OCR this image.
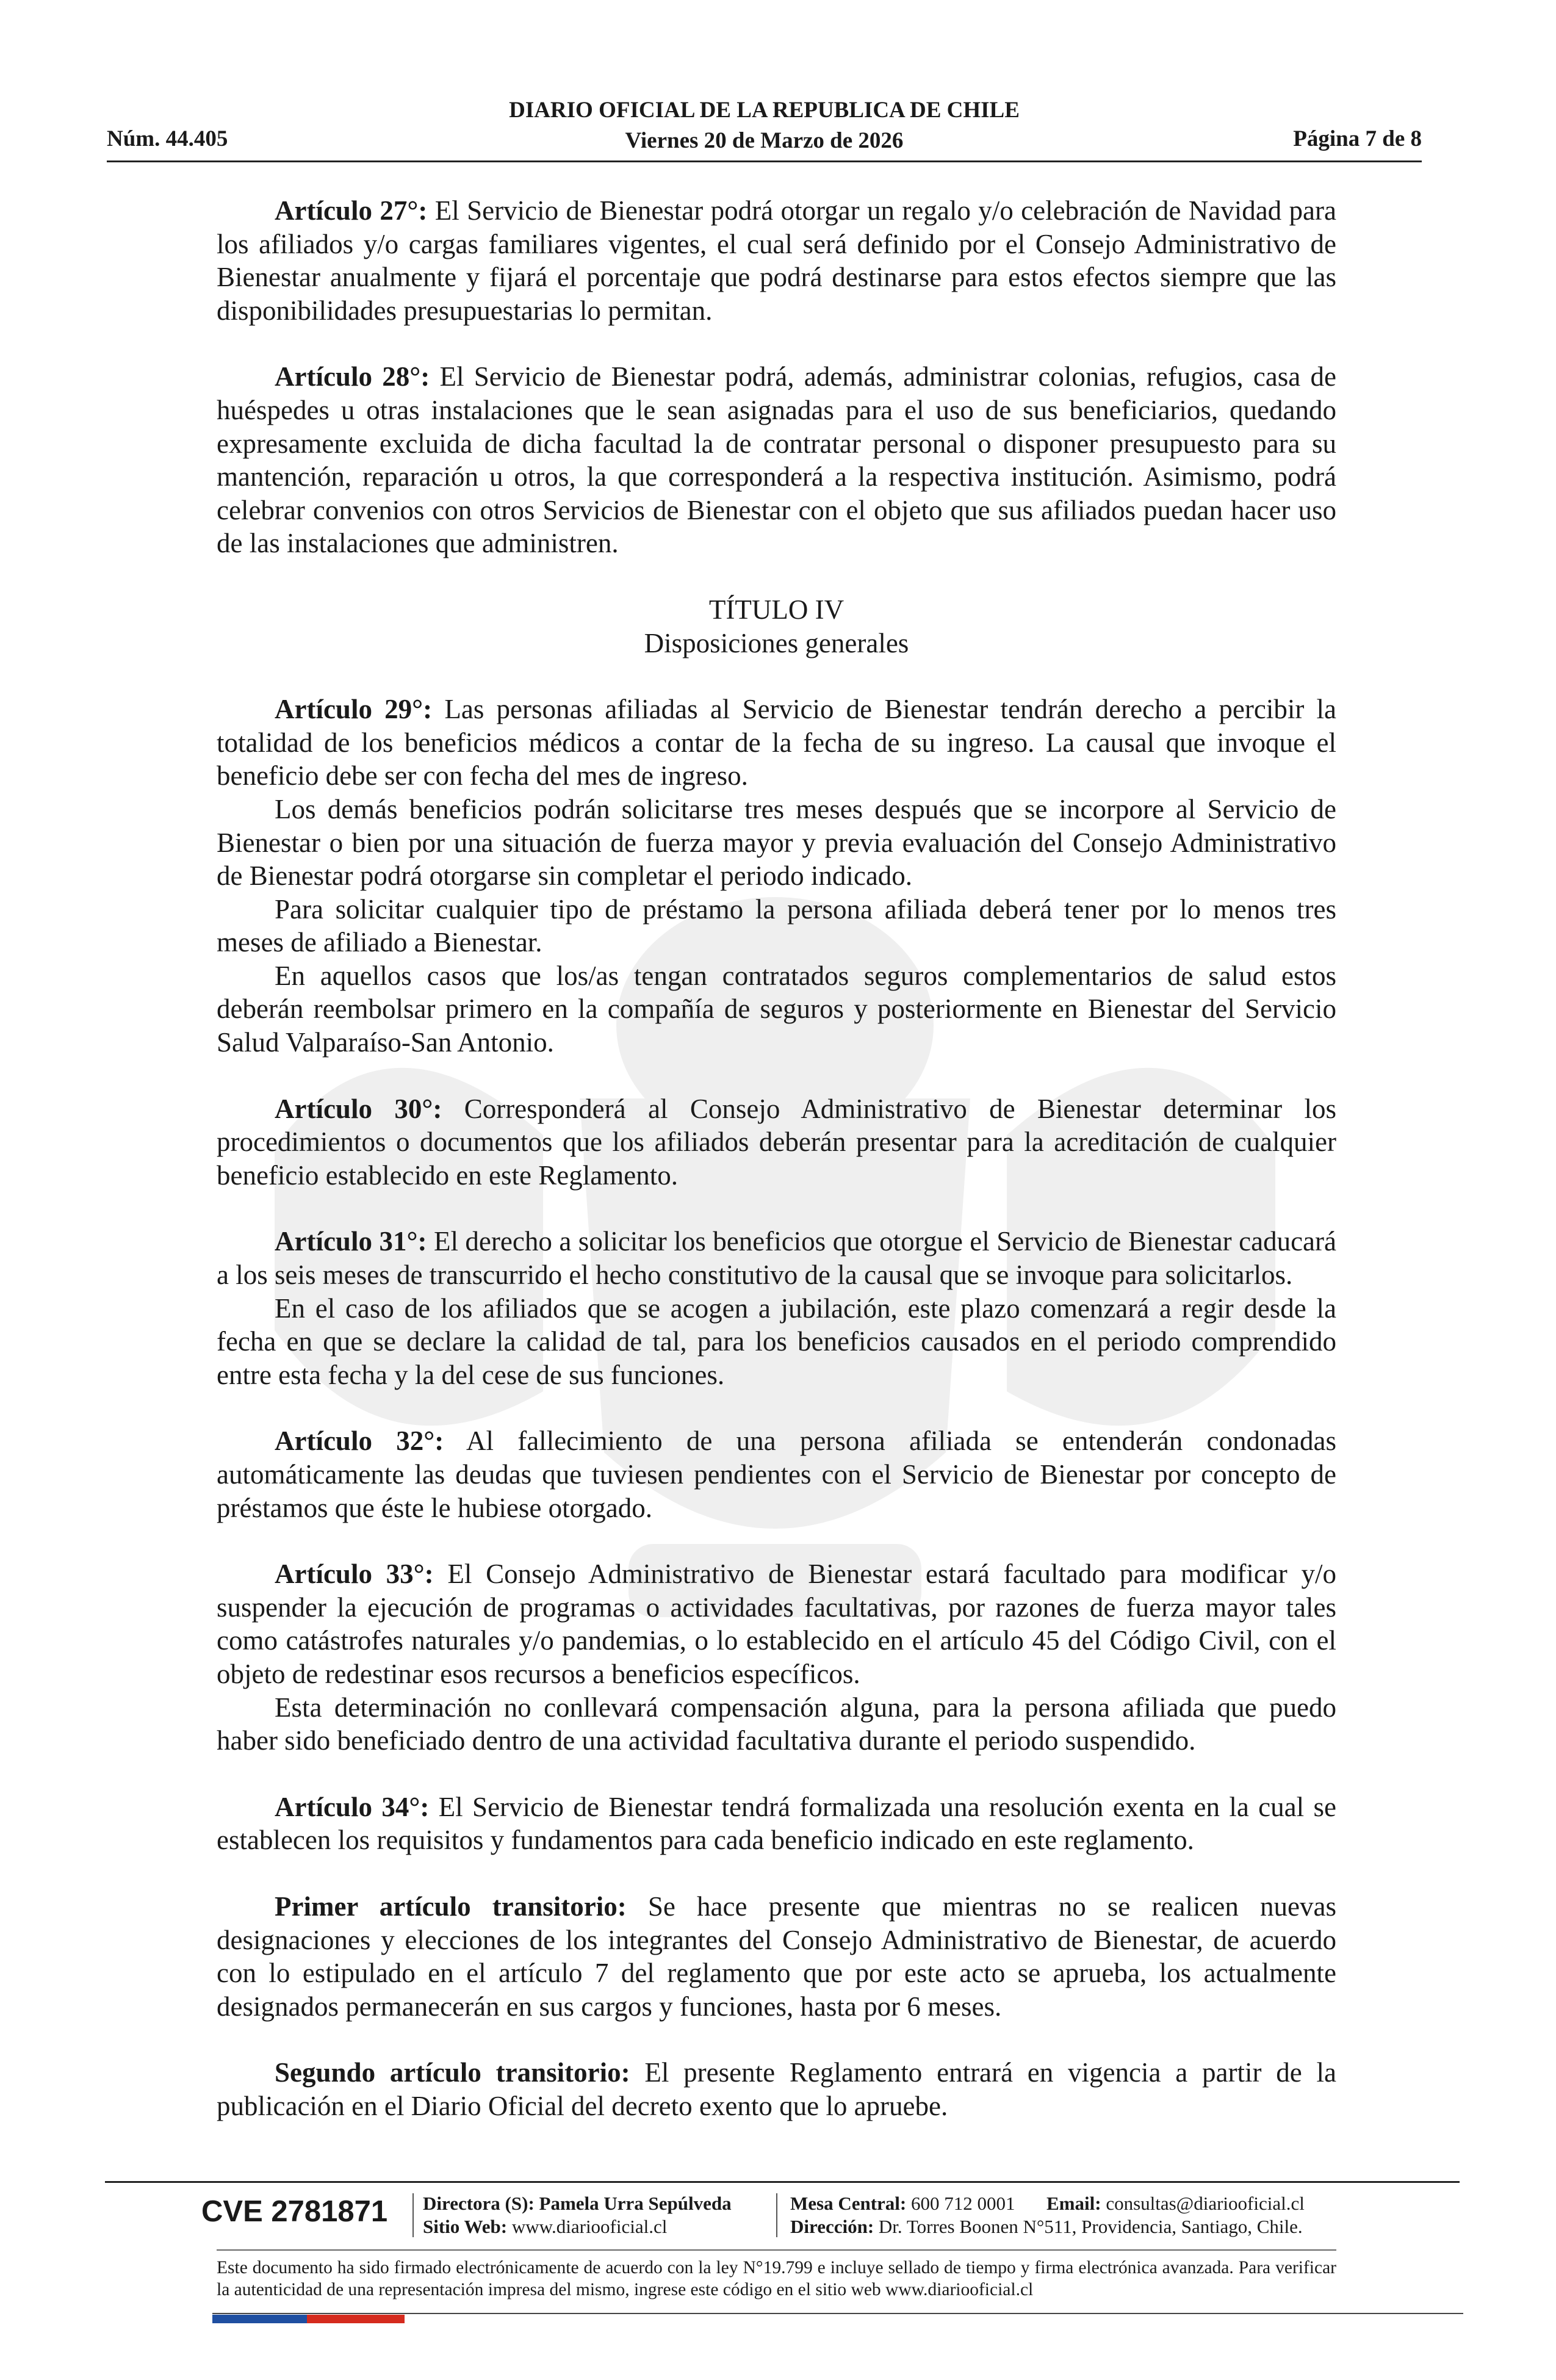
Núm. 44.405
DIARIO OFICIAL DE LA REPUBLICA DE CHILE
Viernes 20 de Marzo de 2026	Página 7 de 8

Artículo 27°: El Servicio de Bienestar podrá otorgar un regalo y/o celebración de Navidad para los afiliados y/o cargas familiares vigentes, el cual será definido por el Consejo Administrativo de Bienestar anualmente y fijará el porcentaje que podrá destinarse para estos efectos siempre que las disponibilidades presupuestarias lo permitan.

Artículo 28°: El Servicio de Bienestar podrá, además, administrar colonias, refugios, casa de huéspedes u otras instalaciones que le sean asignadas para el uso de sus beneficiarios, quedando expresamente excluida de dicha facultad la de contratar personal o disponer presupuesto para su mantención, reparación u otros, la que corresponderá a la respectiva institución. Asimismo, podrá celebrar convenios con otros Servicios de Bienestar con el objeto que sus afiliados puedan hacer uso de las instalaciones que administren.

TÍTULO IV

Disposiciones generales

Artículo 29°: Las personas afiliadas al Servicio de Bienestar tendrán derecho a percibir la totalidad de los beneficios médicos a contar de la fecha de su ingreso. La causal que invoque el beneficio debe ser con fecha del mes de ingreso.

Los demás beneficios podrán solicitarse tres meses después que se incorpore al Servicio de Bienestar o bien por una situación de fuerza mayor y previa evaluación del Consejo Administrativo de Bienestar podrá otorgarse sin completar el periodo indicado.

Para solicitar cualquier tipo de préstamo la persona afiliada deberá tener por lo menos tres meses de afiliado a Bienestar.

En aquellos casos que los/as tengan contratados seguros complementarios de salud estos deberán reembolsar primero en la compañía de seguros y posteriormente en Bienestar del Servicio Salud Valparaíso-San Antonio.

Artículo 30°: Corresponderá al Consejo Administrativo de Bienestar determinar los procedimientos o documentos que los afiliados deberán presentar para la acreditación de cualquier beneficio establecido en este Reglamento.

Artículo 31°: El derecho a solicitar los beneficios que otorgue el Servicio de Bienestar caducará a los seis meses de transcurrido el hecho constitutivo de la causal que se invoque para solicitarlos.

En el caso de los afiliados que se acogen a jubilación, este plazo comenzará a regir desde la fecha en que se declare la calidad de tal, para los beneficios causados en el periodo comprendido entre esta fecha y la del cese de sus funciones.

Artículo 32°: Al fallecimiento de una persona afiliada se entenderán condonadas automáticamente las deudas que tuviesen pendientes con el Servicio de Bienestar por concepto de préstamos que éste le hubiese otorgado.

Artículo 33°: El Consejo Administrativo de Bienestar estará facultado para modificar y/o suspender la ejecución de programas o actividades facultativas, por razones de fuerza mayor tales como catástrofes naturales y/o pandemias, o lo establecido en el artículo 45 del Código Civil, con el objeto de redestinar esos recursos a beneficios específicos.

Esta determinación no conllevará compensación alguna, para la persona afiliada que puedo haber sido beneficiado dentro de una actividad facultativa durante el periodo suspendido.

Artículo 34°: El Servicio de Bienestar tendrá formalizada una resolución exenta en la cual se establecen los requisitos y fundamentos para cada beneficio indicado en este reglamento.

Primer artículo transitorio: Se hace presente que mientras no se realicen nuevas designaciones y elecciones de los integrantes del Consejo Administrativo de Bienestar, de acuerdo con lo estipulado en el artículo 7 del reglamento que por este acto se aprueba, los actualmente designados permanecerán en sus cargos y funciones, hasta por 6 meses.

Segundo artículo transitorio: El presente Reglamento entrará en vigencia a partir de la publicación en el Diario Oficial del decreto exento que lo apruebe.

CVE 2781871 Directora (S): Pamela Urra Sepúlveda
Sitio Web: www.diariooficial.cl
Mesa Central: 600 712 0001 Email: consultas@diariooficial.cl
Dirección: Dr. Torres Boonen N°511, Providencia, Santiago, Chile.
Este documento ha sido firmado electrónicamente de acuerdo con la ley N°19.799 e incluye sellado de tiempo y firma electrónica avanzada. Para verificar la autenticidad de una representación impresa del mismo, ingrese este código en el sitio web www.diariooficial.cl
